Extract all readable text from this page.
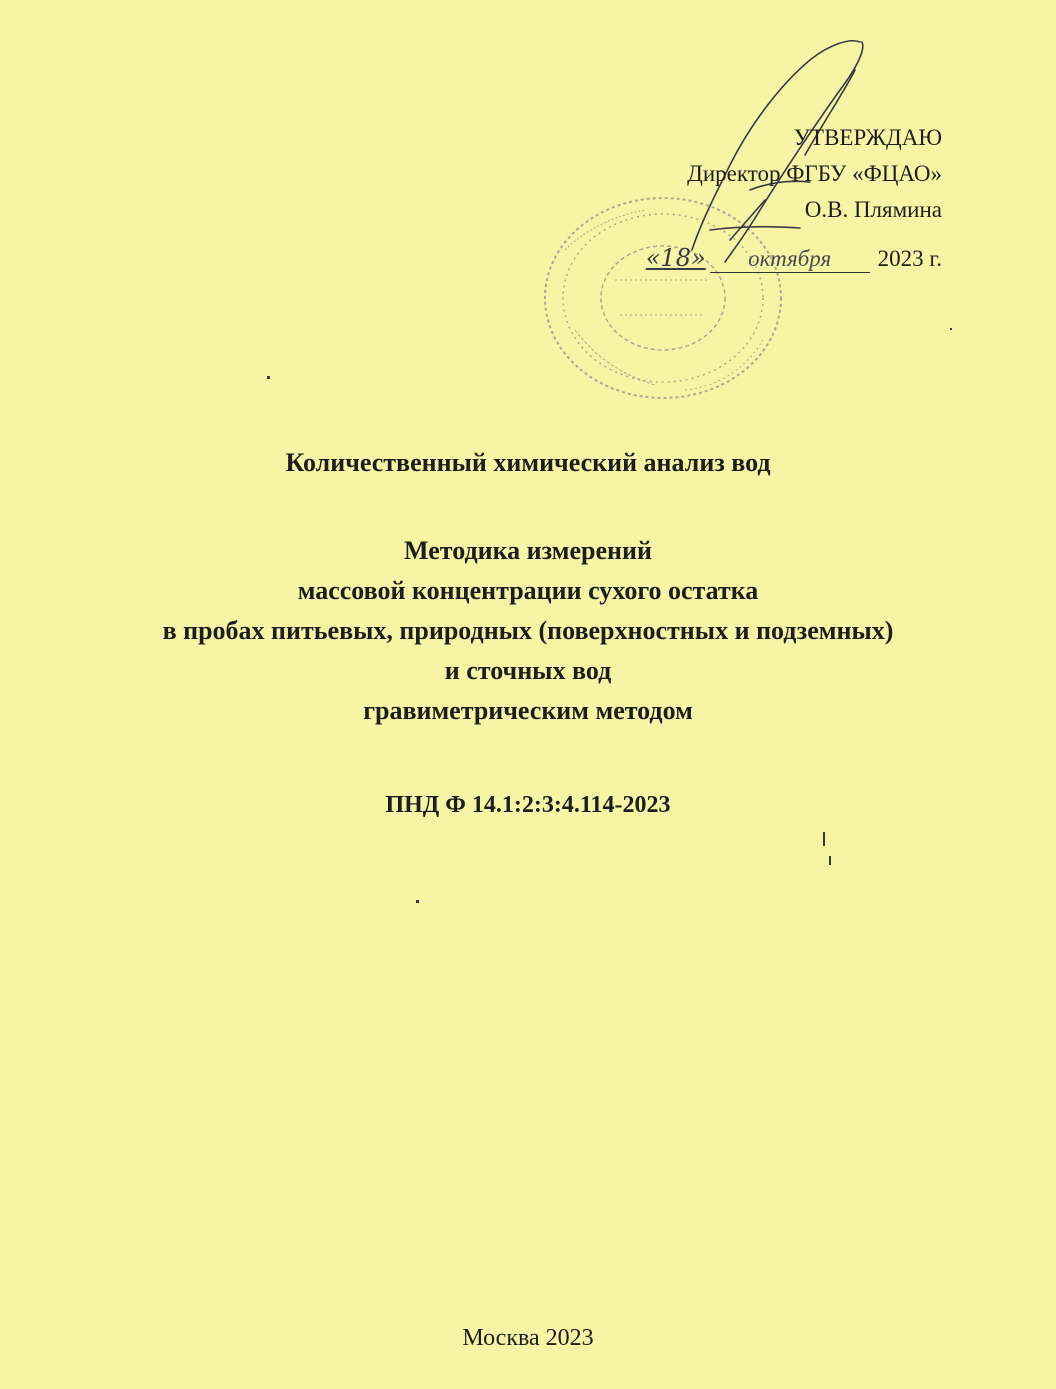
УТВЕРЖДАЮ
Директор ФГБУ «ФЦАО»
О.В. Плямина
«18» октября 2023 г.

Количественный химический анализ вод

Методика измерений
массовой концентрации сухого остатка
в пробах питьевых, природных (поверхностных и подземных)
и сточных вод
гравиметрическим методом
ПНД Ф 14.1:2:3:4.114-2023
Москва 2023
